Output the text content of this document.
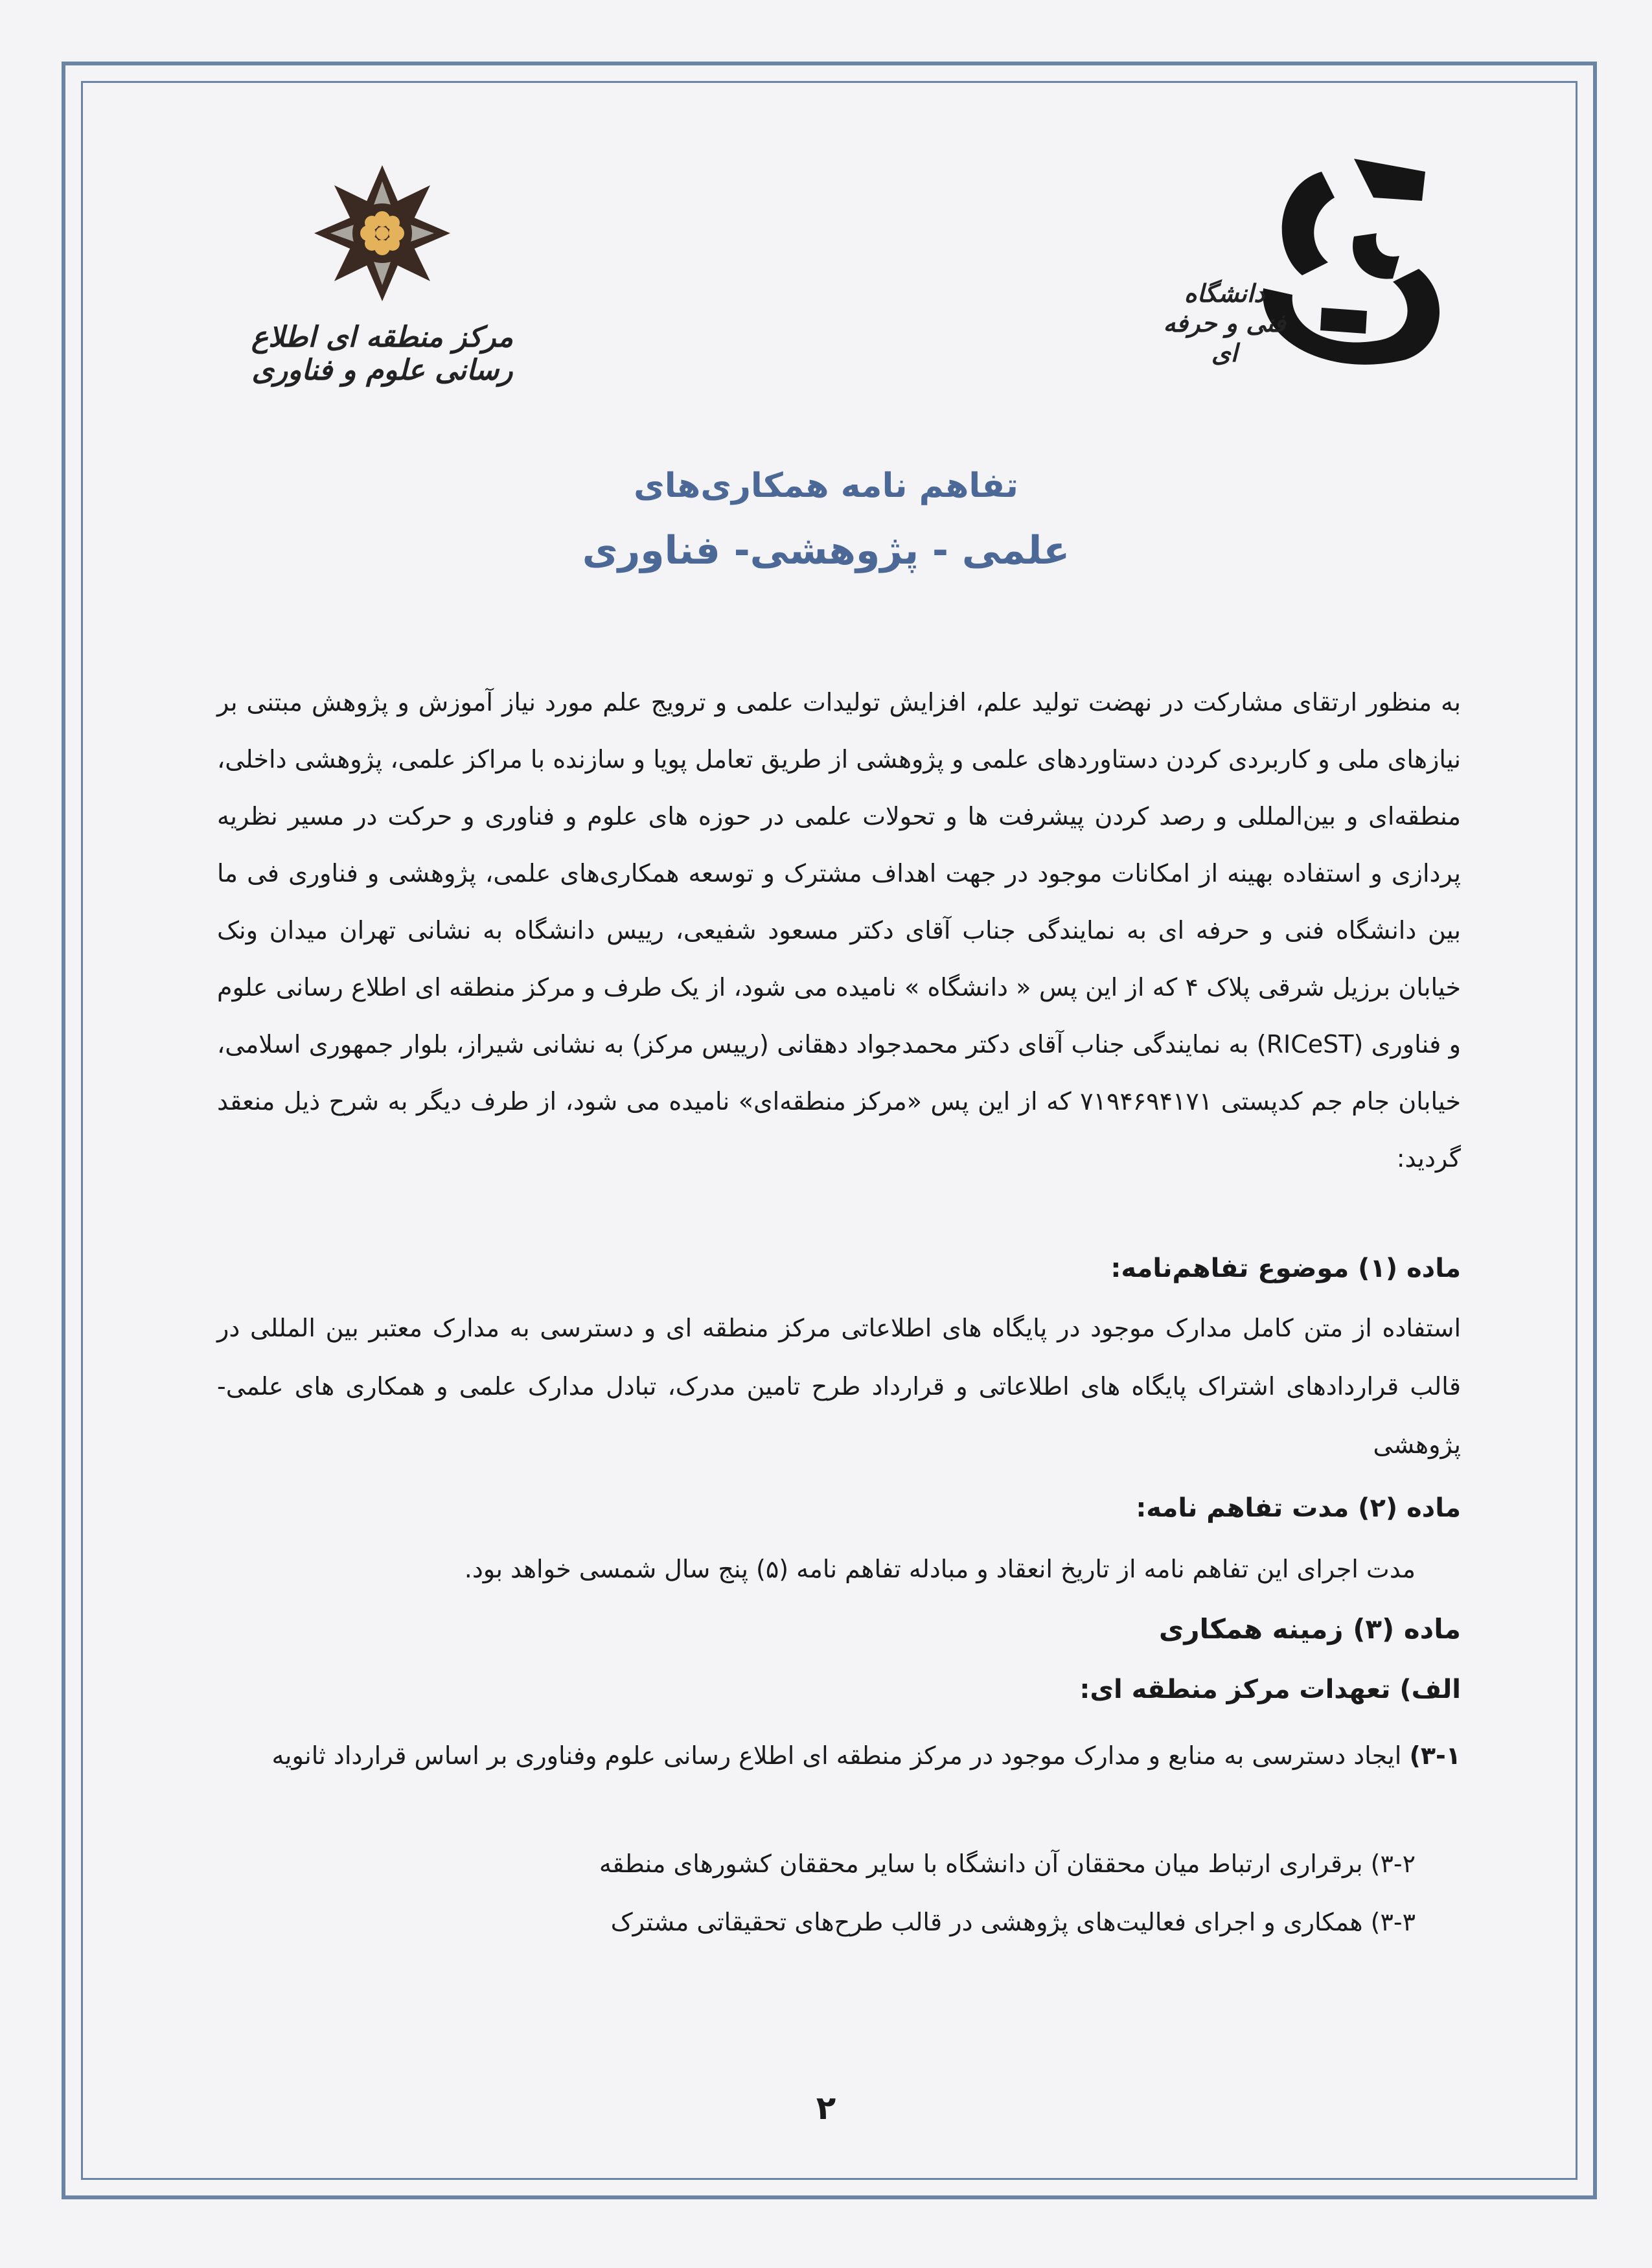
مرکز منطقه ای اطلاع رسانی علوم و فناوری
دانشگاه
فنی و حرفه ای
تفاهم نامه همکاری‌های
علمی - پژوهشی- فناوری
به منظور ارتقای مشارکت در نهضت تولید علم، افزایش تولیدات علمی و ترویج علم مورد نیاز آموزش و پژوهش مبتنی بر نیازهای ملی و کاربردی کردن دستاوردهای علمی و پژوهشی از طریق تعامل پویا و سازنده با مراکز علمی، پژوهشی داخلی، منطقه‌ای و بین‌المللی و رصد کردن پیشرفت ها و تحولات علمی در حوزه های علوم و فناوری و حرکت در مسیر نظریه پردازی و استفاده بهینه از امکانات موجود در جهت اهداف مشترک و توسعه همکاری‌های علمی، پژوهشی و فناوری فی ما بین دانشگاه فنی و حرفه ای به نمایندگی جناب آقای دکتر مسعود شفیعی، رییس دانشگاه به نشانی تهران میدان ونک خیابان برزیل شرقی پلاک ۴ که از این پس « دانشگاه » نامیده می شود، از یک طرف و مرکز منطقه ای اطلاع رسانی علوم و فناوری (RICeST) به نمایندگی جناب آقای دکتر محمدجواد دهقانی (رییس مرکز) به نشانی شیراز، بلوار جمهوری اسلامی، خیابان جام جم کدپستی ۷۱۹۴۶۹۴۱۷۱ که از این پس «مرکز منطقه‌ای» نامیده می شود، از طرف دیگر به شرح ذیل منعقد گردید:
ماده (۱) موضوع تفاهم‌نامه:
استفاده از متن کامل مدارک موجود در پایگاه های اطلاعاتی مرکز منطقه ای و دسترسی به مدارک معتبر بین المللی در قالب قراردادهای اشتراک پایگاه های اطلاعاتی و قرارداد طرح تامین مدرک، تبادل مدارک علمی و همکاری های علمی- پژوهشی
ماده (۲) مدت تفاهم نامه:
مدت اجرای این تفاهم نامه از تاریخ انعقاد و مبادله تفاهم نامه (۵) پنج سال شمسی خواهد بود.
ماده (۳) زمینه همکاری
الف) تعهدات مرکز منطقه ای:
۳-۱) ایجاد دسترسی به منابع و مدارک موجود در مرکز منطقه ای اطلاع رسانی علوم وفناوری بر اساس قرارداد ثانویه
۳-۲) برقراری ارتباط میان محققان آن دانشگاه با سایر محققان کشورهای منطقه
۳-۳) همکاری و اجرای فعالیت‌های پژوهشی در قالب طرح‌های تحقیقاتی مشترک
۲
